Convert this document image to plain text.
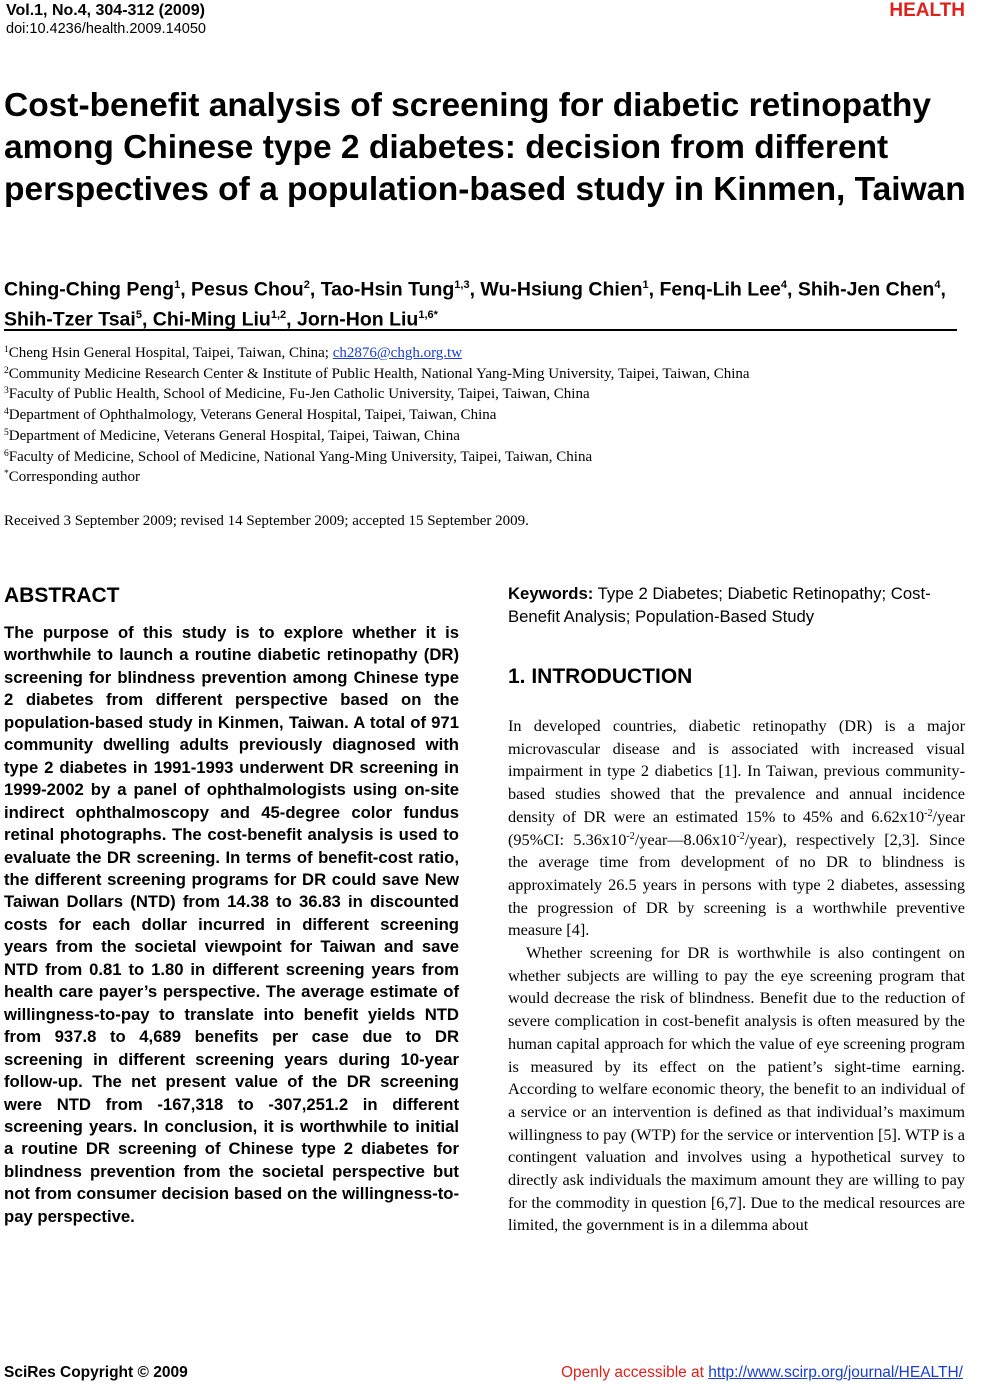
Vol.1, No.4, 304-312 (2009)
doi:10.4236/health.2009.14050
HEALTH
Cost-benefit analysis of screening for diabetic retinopathy among Chinese type 2 diabetes: decision from different perspectives of a population-based study in Kinmen, Taiwan
Ching-Ching Peng$^1$, Pesus Chou$^2$, Tao-Hsin Tung$^{1,3}$, Wu-Hsiung Chien$^1$, Fenq-Lih Lee$^4$, Shih-Jen Chen$^4$, Shih-Tzer Tsai$^5$, Chi-Ming Liu$^{1,2}$, Jorn-Hon Liu$^{1,6*}$
$^1$Cheng Hsin General Hospital, Taipei, Taiwan, China; ch2876@chgh.org.tw
$^2$Community Medicine Research Center & Institute of Public Health, National Yang-Ming University, Taipei, Taiwan, China
$^3$Faculty of Public Health, School of Medicine, Fu-Jen Catholic University, Taipei, Taiwan, China
$^4$Department of Ophthalmology, Veterans General Hospital, Taipei, Taiwan, China
$^5$Department of Medicine, Veterans General Hospital, Taipei, Taiwan, China
$^6$Faculty of Medicine, School of Medicine, National Yang-Ming University, Taipei, Taiwan, China
*Corresponding author
Received 3 September 2009; revised 14 September 2009; accepted 15 September 2009.
ABSTRACT
The purpose of this study is to explore whether it is worthwhile to launch a routine diabetic retinopathy (DR) screening for blindness prevention among Chinese type 2 diabetes from different perspective based on the population-based study in Kinmen, Taiwan. A total of 971 community dwelling adults previously diagnosed with type 2 diabetes in 1991-1993 underwent DR screening in 1999-2002 by a panel of ophthalmologists using on-site indirect ophthalmoscopy and 45-degree color fundus retinal photographs. The cost-benefit analysis is used to evaluate the DR screening. In terms of benefit-cost ratio, the different screening programs for DR could save New Taiwan Dollars (NTD) from 14.38 to 36.83 in discounted costs for each dollar incurred in different screening years from the societal viewpoint for Taiwan and save NTD from 0.81 to 1.80 in different screening years from health care payer’s perspective. The average estimate of willingness-to-pay to translate into benefit yields NTD from 937.8 to 4,689 benefits per case due to DR screening in different screening years during 10-year follow-up. The net present value of the DR screening were NTD from -167,318 to -307,251.2 in different screening years. In conclusion, it is worthwhile to initial a routine DR screening of Chinese type 2 diabetes for blindness prevention from the societal perspective but not from consumer decision based on the willingness-to-pay perspective.
Keywords: Type 2 Diabetes; Diabetic Retinopathy; Cost-Benefit Analysis; Population-Based Study
1. INTRODUCTION

In developed countries, diabetic retinopathy (DR) is a major microvascular disease and is associated with increased visual impairment in type 2 diabetics [1]. In Taiwan, previous community-based studies showed that the prevalence and annual incidence density of DR were an estimated 15% to 45% and $6.62x10^{-2}$/year (95%CI: $5.36x10^{-2}/year—8.06x10^{-2}/year$), respectively [2,3]. Since the average time from development of no DR to blindness is approximately 26.5 years in persons with type 2 diabetes, assessing the progression of DR by screening is a worthwhile preventive measure [4].

Whether screening for DR is worthwhile is also contingent on whether subjects are willing to pay the eye screening program that would decrease the risk of blindness. Benefit due to the reduction of severe complication in cost-benefit analysis is often measured by the human capital approach for which the value of eye screening program is measured by its effect on the patient’s sight-time earning. According to welfare economic theory, the benefit to an individual of a service or an intervention is defined as that individual’s maximum willingness to pay (WTP) for the service or intervention [5]. WTP is a contingent valuation and involves using a hypothetical survey to directly ask individuals the maximum amount they are willing to pay for the commodity in question [6,7]. Due to the medical resources are limited, the government is in a dilemma about

SciRes Copyright © 2009	Openly accessible at http://www.scirp.org/journal/HEALTH/
